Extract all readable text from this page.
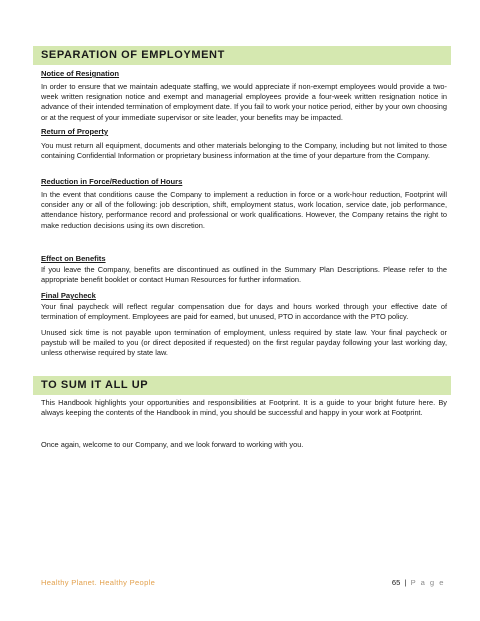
SEPARATION OF EMPLOYMENT
Notice of Resignation
In order to ensure that we maintain adequate staffing, we would appreciate if non-exempt employees would provide a two-week written resignation notice and exempt and managerial employees provide a four-week written resignation notice in advance of their intended termination of employment date. If you fail to work your notice period, either by your own choosing or at the request of your immediate supervisor or site leader, your benefits may be impacted.
Return of Property
You must return all equipment, documents and other materials belonging to the Company, including but not limited to those containing Confidential Information or proprietary business information at the time of your departure from the Company.
Reduction in Force/Reduction of Hours
In the event that conditions cause the Company to implement a reduction in force or a work-hour reduction, Footprint will consider any or all of the following: job description, shift, employment status, work location, service date, job performance, attendance history, performance record and professional or work qualifications. However, the Company retains the right to make reduction decisions using its own discretion.
Effect on Benefits
If you leave the Company, benefits are discontinued as outlined in the Summary Plan Descriptions. Please refer to the appropriate benefit booklet or contact Human Resources for further information.
Final Paycheck
Your final paycheck will reflect regular compensation due for days and hours worked through your effective date of termination of employment. Employees are paid for earned, but unused, PTO in accordance with the PTO policy.
Unused sick time is not payable upon termination of employment, unless required by state law. Your final paycheck or paystub will be mailed to you (or direct deposited if requested) on the first regular payday following your last working day, unless otherwise required by state law.
TO SUM IT ALL UP
This Handbook highlights your opportunities and responsibilities at Footprint. It is a guide to your bright future here. By always keeping the contents of the Handbook in mind, you should be successful and happy in your work at Footprint.
Once again, welcome to our Company, and we look forward to working with you.
Healthy Planet. Healthy People	65 | P a g e
